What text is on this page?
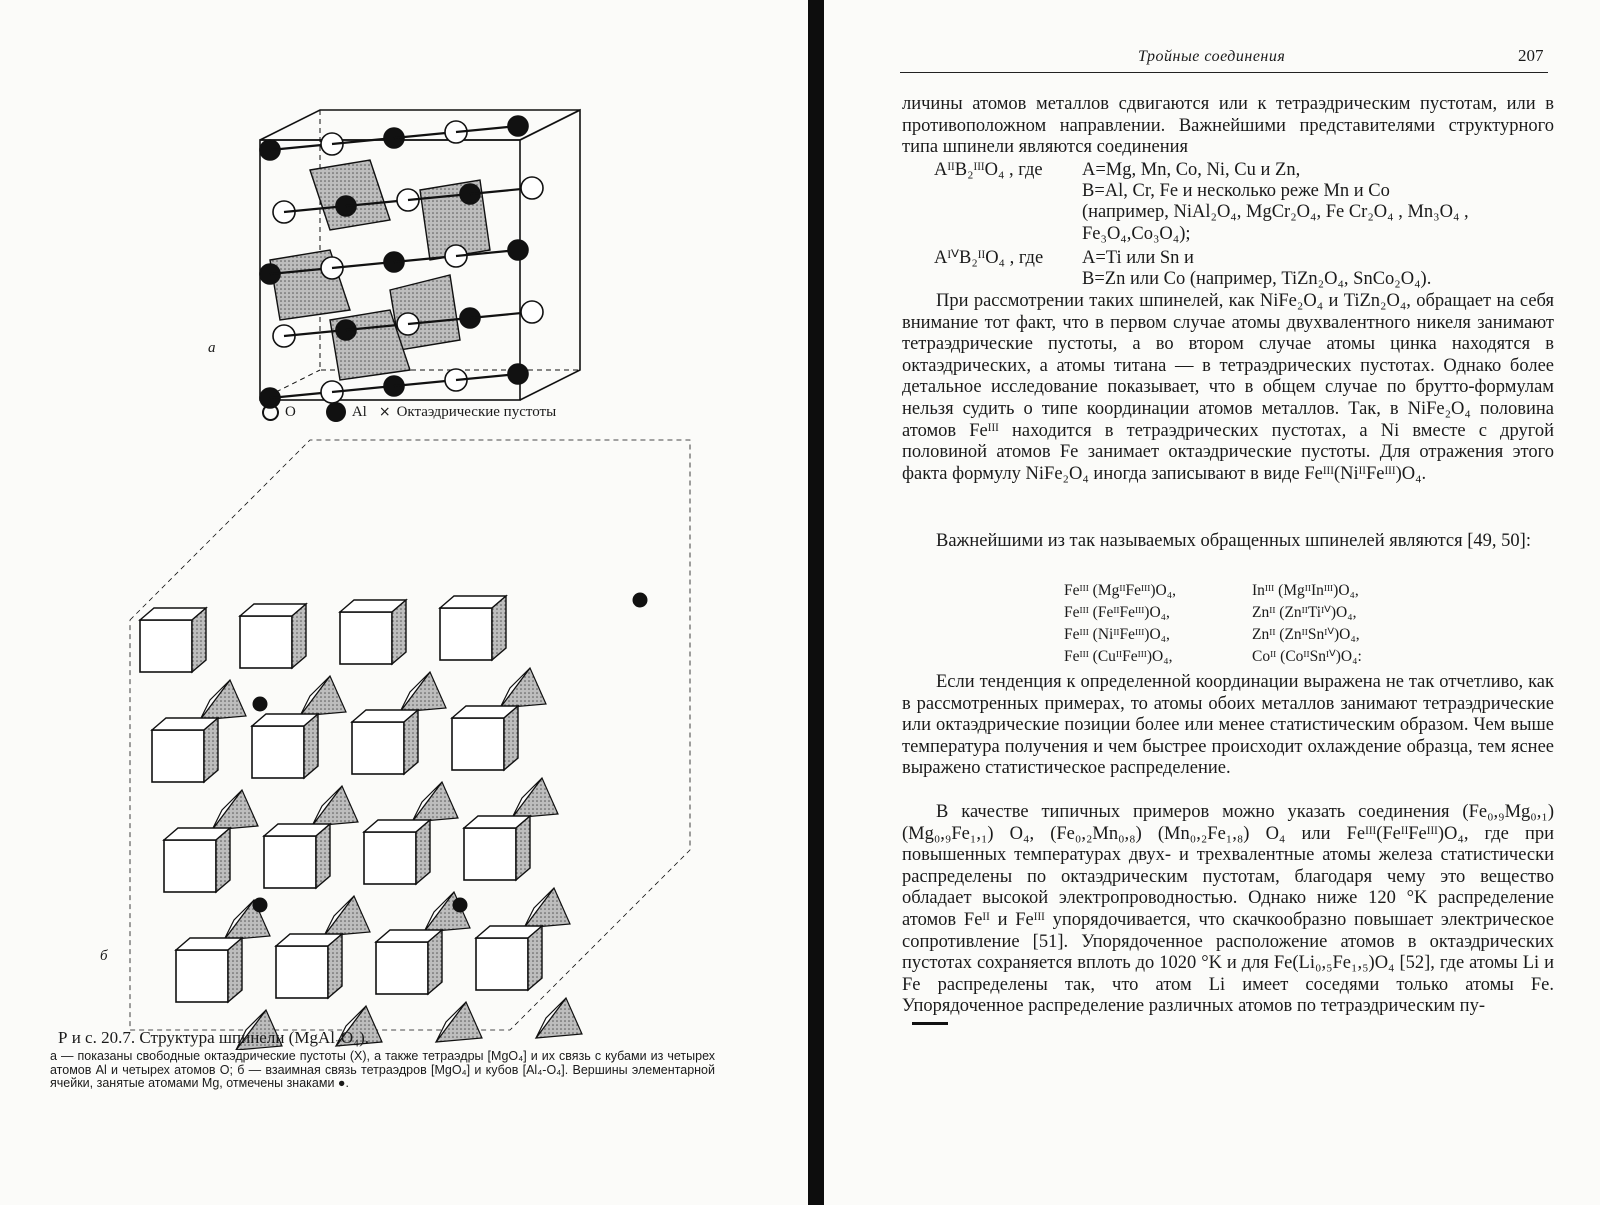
a
б
O	Al × Октаэдрические пустоты
Р и с. 20.7. Структура шпинели (MgAl₂O₄).
а — показаны свободные октаэдрические пустоты (X), а также тетраэдры [MgO₄] и их связь с кубами из четырех атомов Al и четырех атомов O; б — взаимная связь тетраэдров [MgO₄] и кубов [Al₄-O₄]. Вершины элементарной ячейки, занятые атомами Mg, отмечены знаками ●.
Тройные соединения	207

личины атомов металлов сдвигаются или к тетраэдрическим пустотам, или в противоположном направлении. Важнейшими представителями структурного типа шпинели являются соединения

AᴵᴵB₂ᴵᴵᴵO₄ , где A=Mg, Mn, Co, Ni, Cu и Zn,
B=Al, Cr, Fe и несколько реже Mn и Co
(например, NiAl₂O₄, MgCr₂O₄, Fe Cr₂O₄ , Mn₃O₄ ,
Fe₃O₄,Co₃O₄);
AᴵⱽB₂ᴵᴵO₄ , где A=Ti или Sn и
B=Zn или Co (например, TiZn₂O₄, SnCo₂O₄).

При рассмотрении таких шпинелей, как NiFe₂O₄ и TiZn₂O₄, обращает на себя внимание тот факт, что в первом случае атомы двухвалентного никеля занимают тетраэдрические пустоты, а во втором случае атомы цинка находятся в октаэдрических, а атомы титана — в тетраэдрических пустотах. Однако более детальное исследование показывает, что в общем случае по брутто-формулам нельзя судить о типе координации атомов металлов. Так, в NiFe₂O₄ половина атомов Feᴵᴵᴵ находится в тетраэдрических пустотах, а Ni вместе с другой половиной атомов Fe занимает октаэдрические пустоты. Для отражения этого факта формулу NiFe₂O₄ иногда записывают в виде Feᴵᴵᴵ(NiᴵᴵFeᴵᴵᴵ)O₄.

Важнейшими из так называемых обращенных шпинелей являются [49, 50]:

Feᴵᴵᴵ (MgᴵᴵFeᴵᴵᴵ)O₄,
Feᴵᴵᴵ (FeᴵᴵFeᴵᴵᴵ)O₄,
Feᴵᴵᴵ (NiᴵᴵFeᴵᴵᴵ)O₄,
Feᴵᴵᴵ (CuᴵᴵFeᴵᴵᴵ)O₄,
Inᴵᴵᴵ (MgᴵᴵInᴵᴵᴵ)O₄,
Znᴵᴵ (ZnᴵᴵTiᴵⱽ)O₄,
Znᴵᴵ (ZnᴵᴵSnᴵⱽ)O₄,
Coᴵᴵ (CoᴵᴵSnᴵⱽ)O₄:

Если тенденция к определенной координации выражена не так отчетливо, как в рассмотренных примерах, то атомы обоих металлов занимают тетраэдрические или октаэдрические позиции более или менее статистическим образом. Чем выше температура получения и чем быстрее происходит охлаждение образца, тем яснее выражено статистическое распределение.

В качестве типичных примеров можно указать соединения (Fe₀,₉Mg₀,₁) (Mg₀,₉Fe₁,₁) O₄, (Fe₀,₂Mn₀,₈) (Mn₀,₂Fe₁,₈) O₄ или Feᴵᴵᴵ(FeᴵᴵFeᴵᴵᴵ)O₄, где при повышенных температурах двух- и трехвалентные атомы железа статистически распределены по октаэдрическим пустотам, благодаря чему это вещество обладает высокой электропроводностью. Однако ниже 120 °K распределение атомов Feᴵᴵ и Feᴵᴵᴵ упорядочивается, что скачкообразно повышает электрическое сопротивление [51]. Упорядоченное расположение атомов в октаэдрических пустотах сохраняется вплоть до 1020 °K и для Fe(Li₀,₅Fe₁,₅)O₄ [52], где атомы Li и Fe распределены так, что атом Li имеет соседями только атомы Fe. Упорядоченное распределение различных атомов по тетраэдрическим пу-
